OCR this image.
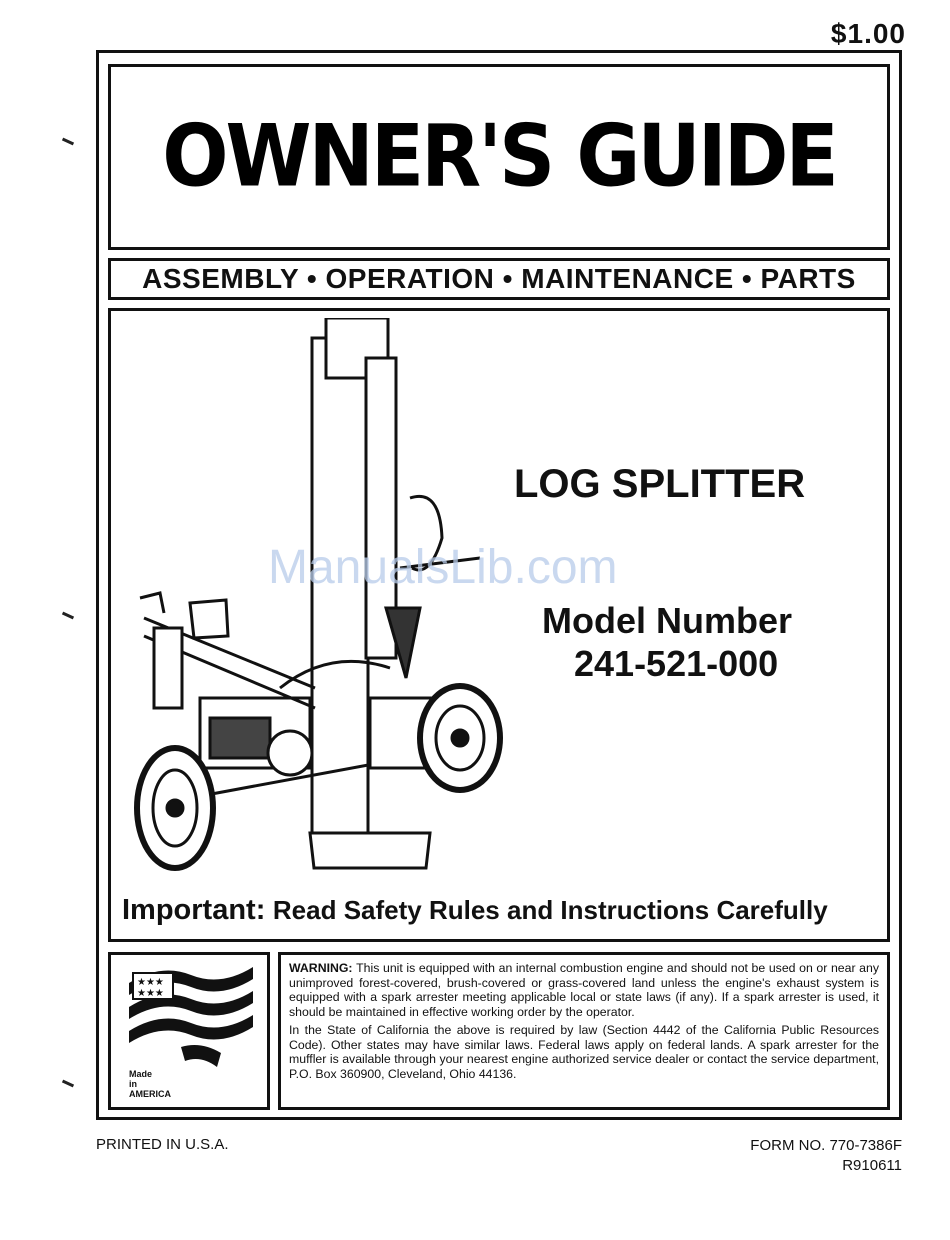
$1.00
OWNER'S GUIDE
ASSEMBLY • OPERATION • MAINTENANCE • PARTS
ManualsLib.com
LOG SPLITTER
Model Number
241-521-000
Important: Read Safety Rules and Instructions Carefully
★★★
★★★
Made
in
AMERICA

WARNING: This unit is equipped with an internal combustion engine and should not be used on or near any unimproved forest-covered, brush-covered or grass-covered land unless the engine's exhaust system is equipped with a spark arrester meeting applicable local or state laws (if any). If a spark arrester is used, it should be maintained in effective working order by the operator.

In the State of California the above is required by law (Section 4442 of the California Public Resources Code). Other states may have similar laws. Federal laws apply on federal lands. A spark arrester for the muffler is available through your nearest engine authorized service dealer or contact the service department, P.O. Box 360900, Cleveland, Ohio 44136.

PRINTED IN U.S.A.	FORM NO. 770-7386F
R910611
